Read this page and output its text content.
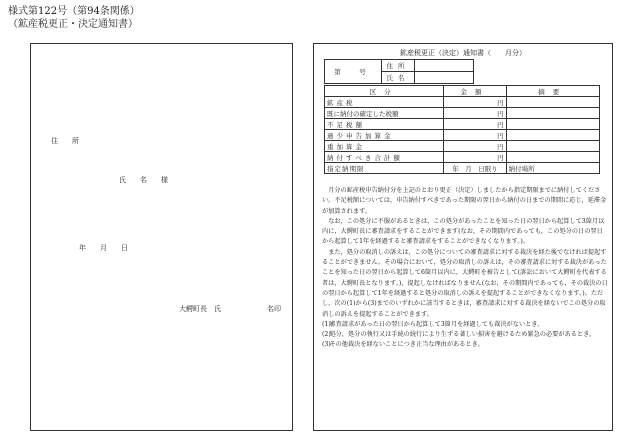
様式第122号（第94条関係）
（鉱産税更正・決定通知書）
住　　所
氏　　名　　様
年　　月　　日
大鰐町長　氏	名印
鉱産税更正（決定）通知書（　　月分）
第　号	住所	
	氏名	
区分	金額	摘要
鉱産税	円	
既に納付の確定した税額	円	
不足税額	円	
過少申告加算金	円	
重加算金	円	
納付すべき合計額	円	
指定納期限	年　月　日限り	納付場所

月分の鉱産税申告納付分を上記のとおり更正（決定）しましたから指定期限までに納付してください。不足税額については，申告納付すべきであった期限の翌日から納付の日までの期間に応じ，延滞金が加算されます。

なお，この処分に不服があるときは，この処分があったことを知った日の翌日から起算して3箇月以内に，大鰐町長に審査請求をすることができます(なお，その期間内であっても，この処分の日の翌日から起算して1年を経過すると審査請求をすることができなくなります。)。

また，処分の取消しの訴えは，この処分についての審査請求に対する裁決を経た後でなければ提起することができません。その場合において，処分の取消しの訴えは，その審査請求に対する裁決があったことを知った日の翌日から起算して6箇月以内に，大鰐町を被告として(訴訟において大鰐町を代表する者は，大鰐町長となります。)，提起しなければなりません(なお，その期間内であっても，その裁決の日の翌日から起算して1年を経過すると処分の取消しの訴えを提起することができなくなります。)。ただし，次の(1)から(3)までのいずれかに該当するときは，審査請求に対する裁決を経ないでこの処分の取消しの訴えを提起することができます。

(1)審査請求があった日の翌日から起算して3箇月を経過しても裁決がないとき。

(2)処分，処分の執行又は手続の続行により生ずる著しい損害を避けるため緊急の必要があるとき。

(3)その他裁決を経ないことにつき正当な理由があるとき。
